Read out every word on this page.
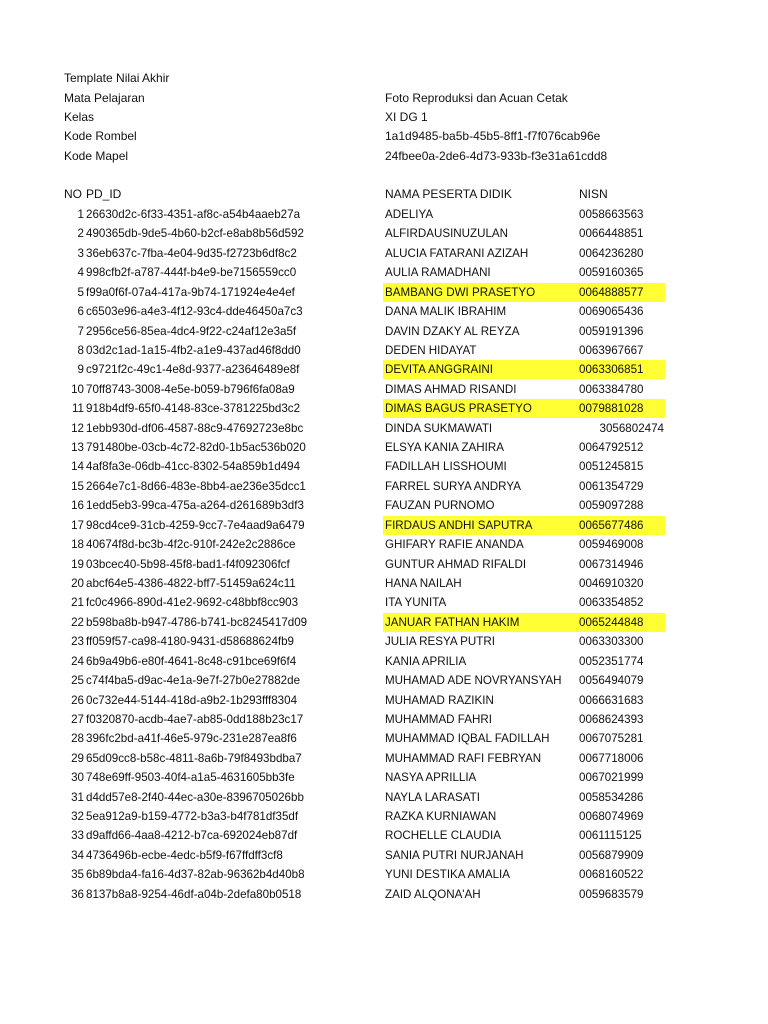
Template Nilai Akhir
Mata Pelajaran	Foto Reproduksi dan Acuan Cetak
Kelas	XI DG 1
Kode Rombel	1a1d9485-ba5b-45b5-8ff1-f7f076cab96e
Kode Mapel	24fbee0a-2de6-4d73-933b-f3e31a61cdd8
NO PD_ID	NAMA PESERTA DIDIK	NISN
1 26630d2c-6f33-4351-af8c-a54b4aaeb27a	ADELIYA	0058663563
2 490365db-9de5-4b60-b2cf-e8ab8b56d592	ALFIRDAUSINUZULAN	0066448851
3 36eb637c-7fba-4e04-9d35-f2723b6df8c2	ALUCIA FATARANI AZIZAH	0064236280
4 998cfb2f-a787-444f-b4e9-be7156559cc0	AULIA RAMADHANI	0059160365
5 f99a0f6f-07a4-417a-9b74-171924e4e4ef	BAMBANG DWI PRASETYO	0064888577
6 c6503e96-a4e3-4f12-93c4-dde46450a7c3	DANA MALIK IBRAHIM	0069065436
7 2956ce56-85ea-4dc4-9f22-c24af12e3a5f	DAVIN DZAKY AL REYZA	0059191396
8 03d2c1ad-1a15-4fb2-a1e9-437ad46f8dd0	DEDEN HIDAYAT	0063967667
9 c9721f2c-49c1-4e8d-9377-a23646489e8f	DEVITA ANGGRAINI	0063306851
10 70ff8743-3008-4e5e-b059-b796f6fa08a9	DIMAS AHMAD RISANDI	0063384780
11 918b4df9-65f0-4148-83ce-3781225bd3c2	DIMAS BAGUS PRASETYO	0079881028
12 1ebb930d-df06-4587-88c9-47692723e8bc	DINDA SUKMAWATI	3056802474
13 791480be-03cb-4c72-82d0-1b5ac536b020	ELSYA KANIA ZAHIRA	0064792512
14 4af8fa3e-06db-41cc-8302-54a859b1d494	FADILLAH LISSHOUMI	0051245815
15 2664e7c1-8d66-483e-8bb4-ae236e35dcc1	FARREL SURYA ANDRYA	0061354729
16 1edd5eb3-99ca-475a-a264-d261689b3df3	FAUZAN PURNOMO	0059097288
17 98cd4ce9-31cb-4259-9cc7-7e4aad9a6479	FIRDAUS ANDHI SAPUTRA	0065677486
18 40674f8d-bc3b-4f2c-910f-242e2c2886ce	GHIFARY RAFIE ANANDA	0059469008
19 03bcec40-5b98-45f8-bad1-f4f092306fcf	GUNTUR AHMAD RIFALDI	0067314946
20 abcf64e5-4386-4822-bff7-51459a624c11	HANA NAILAH	0046910320
21 fc0c4966-890d-41e2-9692-c48bbf8cc903	ITA YUNITA	0063354852
22 b598ba8b-b947-4786-b741-bc8245417d09	JANUAR FATHAN HAKIM	0065244848
23 ff059f57-ca98-4180-9431-d58688624fb9	JULIA RESYA PUTRI	0063303300
24 6b9a49b6-e80f-4641-8c48-c91bce69f6f4	KANIA APRILIA	0052351774
25 c74f4ba5-d9ac-4e1a-9e7f-27b0e27882de	MUHAMAD ADE NOVRYANSYAH	0056494079
26 0c732e44-5144-418d-a9b2-1b293fff8304	MUHAMAD RAZIKIN	0066631683
27 f0320870-acdb-4ae7-ab85-0dd188b23c17	MUHAMMAD FAHRI	0068624393
28 396fc2bd-a41f-46e5-979c-231e287ea8f6	MUHAMMAD IQBAL FADILLAH	0067075281
29 65d09cc8-b58c-4811-8a6b-79f8493bdba7	MUHAMMAD RAFI FEBRYAN	0067718006
30 748e69ff-9503-40f4-a1a5-4631605bb3fe	NASYA APRILLIA	0067021999
31 d4dd57e8-2f40-44ec-a30e-8396705026bb	NAYLA LARASATI	0058534286
32 5ea912a9-b159-4772-b3a3-b4f781df35df	RAZKA KURNIAWAN	0068074969
33 d9affd66-4aa8-4212-b7ca-692024eb87df	ROCHELLE CLAUDIA	0061115125
34 4736496b-ecbe-4edc-b5f9-f67ffdff3cf8	SANIA PUTRI NURJANAH	0056879909
35 6b89bda4-fa16-4d37-82ab-96362b4d40b8	YUNI DESTIKA AMALIA	0068160522
36 8137b8a8-9254-46df-a04b-2defa80b0518	ZAID ALQONA'AH	0059683579
